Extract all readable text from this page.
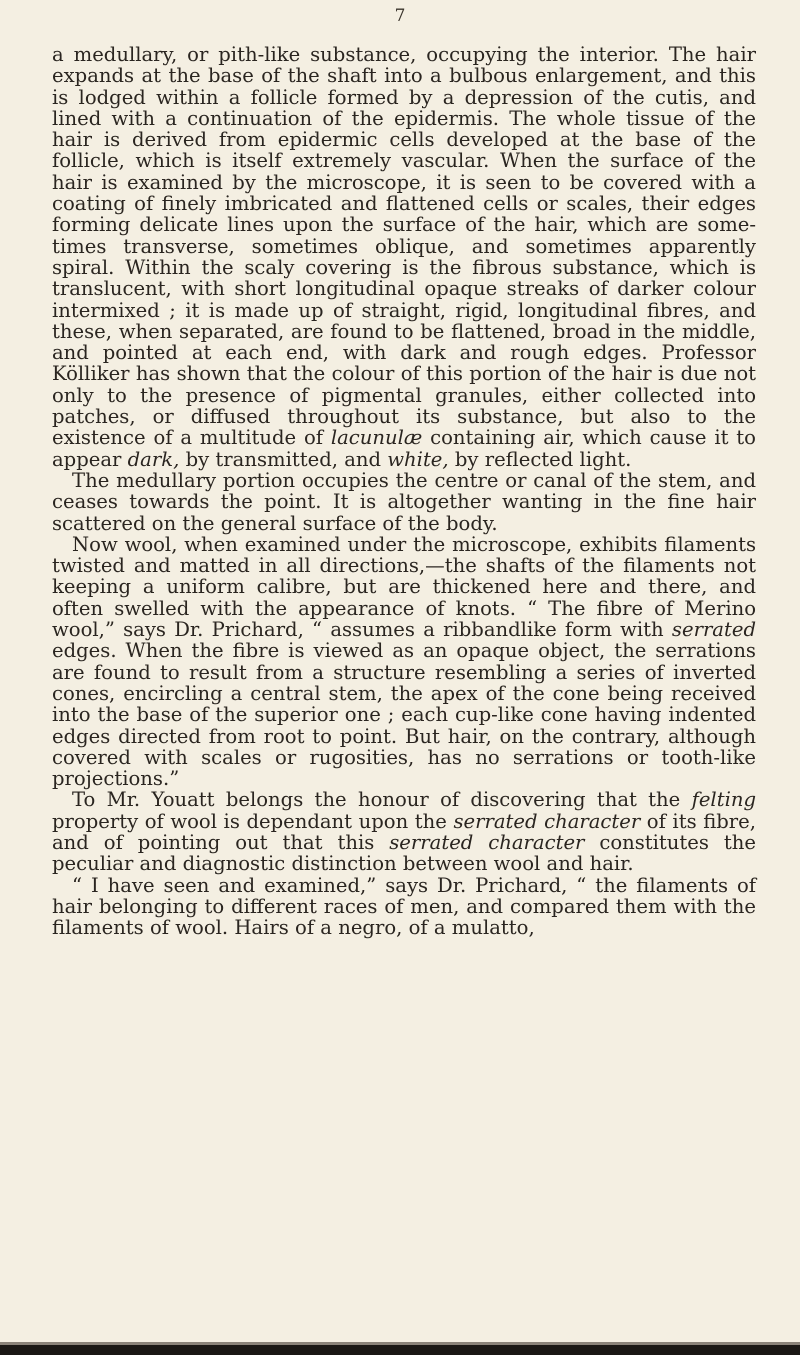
7

a medullary, or pith-like substance, occupying the interior. The hair expands at the base of the shaft into a bulbous enlargement, and this is lodged within a follicle formed by a depression of the cutis, and lined with a continuation of the epidermis. The whole tissue of the hair is derived from epidermic cells developed at the base of the follicle, which is itself extremely vascular. When the surface of the hair is examined by the microscope, it is seen to be covered with a coating of finely imbricated and flattened cells or scales, their edges forming delicate lines upon the surface of the hair, which are sometimes transverse, sometimes oblique, and sometimes apparently spiral. Within the scaly covering is the fibrous substance, which is translucent, with short longitudinal opaque streaks of darker colour intermixed ; it is made up of straight, rigid, longitudinal fibres, and these, when separated, are found to be flattened, broad in the middle, and pointed at each end, with dark and rough edges. Professor Kölliker has shown that the colour of this portion of the hair is due not only to the presence of pigmental granules, either collected into patches, or diffused throughout its substance, but also to the existence of a multitude of lacunulæ containing air, which cause it to appear dark, by transmitted, and white, by reflected light.

The medullary portion occupies the centre or canal of the stem, and ceases towards the point. It is altogether wanting in the fine hair scattered on the general surface of the body.

Now wool, when examined under the microscope, exhibits filaments twisted and matted in all directions,—the shafts of the filaments not keeping a uniform calibre, but are thickened here and there, and often swelled with the appearance of knots. “ The fibre of Merino wool,” says Dr. Prichard, “ assumes a ribbandlike form with serrated edges. When the fibre is viewed as an opaque object, the serrations are found to result from a structure resembling a series of inverted cones, encircling a central stem, the apex of the cone being received into the base of the superior one ; each cup-like cone having indented edges directed from root to point. But hair, on the contrary, although covered with scales or rugosities, has no serrations or tooth-like projections.”

To Mr. Youatt belongs the honour of discovering that the felting property of wool is dependant upon the serrated character of its fibre, and of pointing out that this serrated character constitutes the peculiar and diagnostic distinction between wool and hair.

“ I have seen and examined,” says Dr. Prichard, “ the filaments of hair belonging to different races of men, and compared them with the filaments of wool. Hairs of a negro, of a mulatto,
